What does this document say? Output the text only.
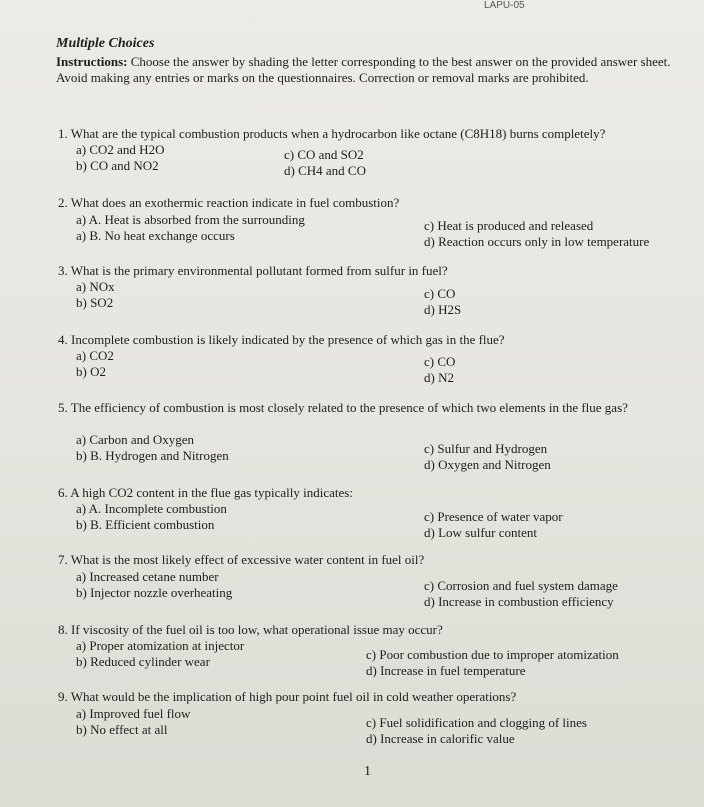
LAPU-05
Multiple Choices
Instructions: Choose the answer by shading the letter corresponding to the best answer on the provided answer sheet. Avoid making any entries or marks on the questionnaires. Correction or removal marks are prohibited.
1. What are the typical combustion products when a hydrocarbon like octane (C8H18) burns completely?
a) CO2 and H2O
b) CO and NO2
c) CO and SO2
d) CH4 and CO
2. What does an exothermic reaction indicate in fuel combustion?
a) A. Heat is absorbed from the surrounding
a) B. No heat exchange occurs
c) Heat is produced and released
d) Reaction occurs only in low temperature
3. What is the primary environmental pollutant formed from sulfur in fuel?
a) NOx
b) SO2
c) CO
d) H2S
4. Incomplete combustion is likely indicated by the presence of which gas in the flue?
a) CO2
b) O2
c) CO
d) N2
5. The efficiency of combustion is most closely related to the presence of which two elements in the flue gas?
a) Carbon and Oxygen
b) B. Hydrogen and Nitrogen	c) Sulfur and Hydrogen
d) Oxygen and Nitrogen
6. A high CO2 content in the flue gas typically indicates:
a) A. Incomplete combustion
b) B. Efficient combustion
c) Presence of water vapor
d) Low sulfur content
7. What is the most likely effect of excessive water content in fuel oil?
a) Increased cetane number
b) Injector nozzle overheating	c) Corrosion and fuel system damage
d) Increase in combustion efficiency
8. If viscosity of the fuel oil is too low, what operational issue may occur?
a) Proper atomization at injector
b) Reduced cylinder wear	c) Poor combustion due to improper atomization
d) Increase in fuel temperature
9. What would be the implication of high pour point fuel oil in cold weather operations?
a) Improved fuel flow
b) No effect at all	c) Fuel solidification and clogging of lines
d) Increase in calorific value
1
